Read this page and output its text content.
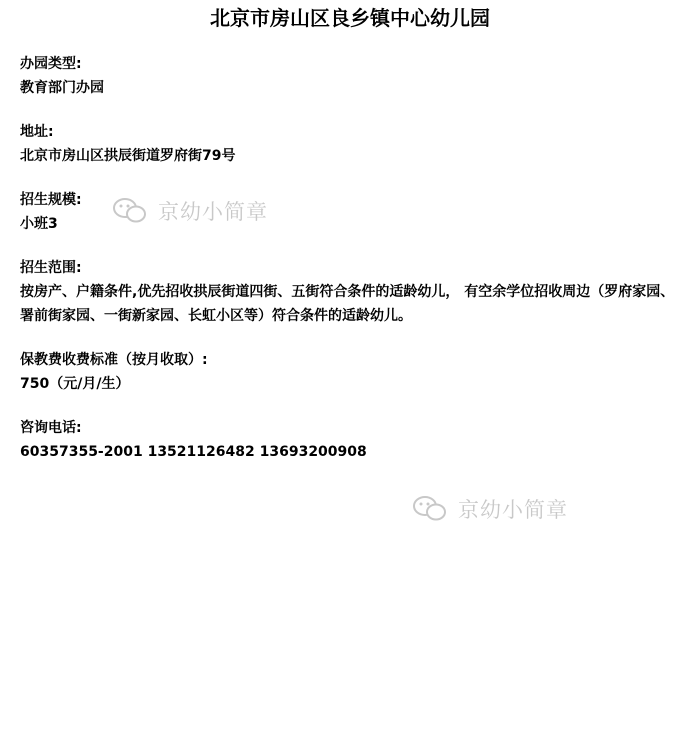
北京市房山区良乡镇中心幼儿园
办园类型:
教育部门办园
地址:
北京市房山区拱辰街道罗府街79号
招生规模:
小班3
招生范围:
按房产、户籍条件,优先招收拱辰街道四街、五街符合条件的适龄幼儿， 有空余学位招收周边（罗府家园、署前街家园、一街新家园、长虹小区等）符合条件的适龄幼儿。
保教费收费标准（按月收取）:
750（元/月/生）
咨询电话:
60357355-2001 13521126482 13693200908
京幼小简章
京幼小简章
